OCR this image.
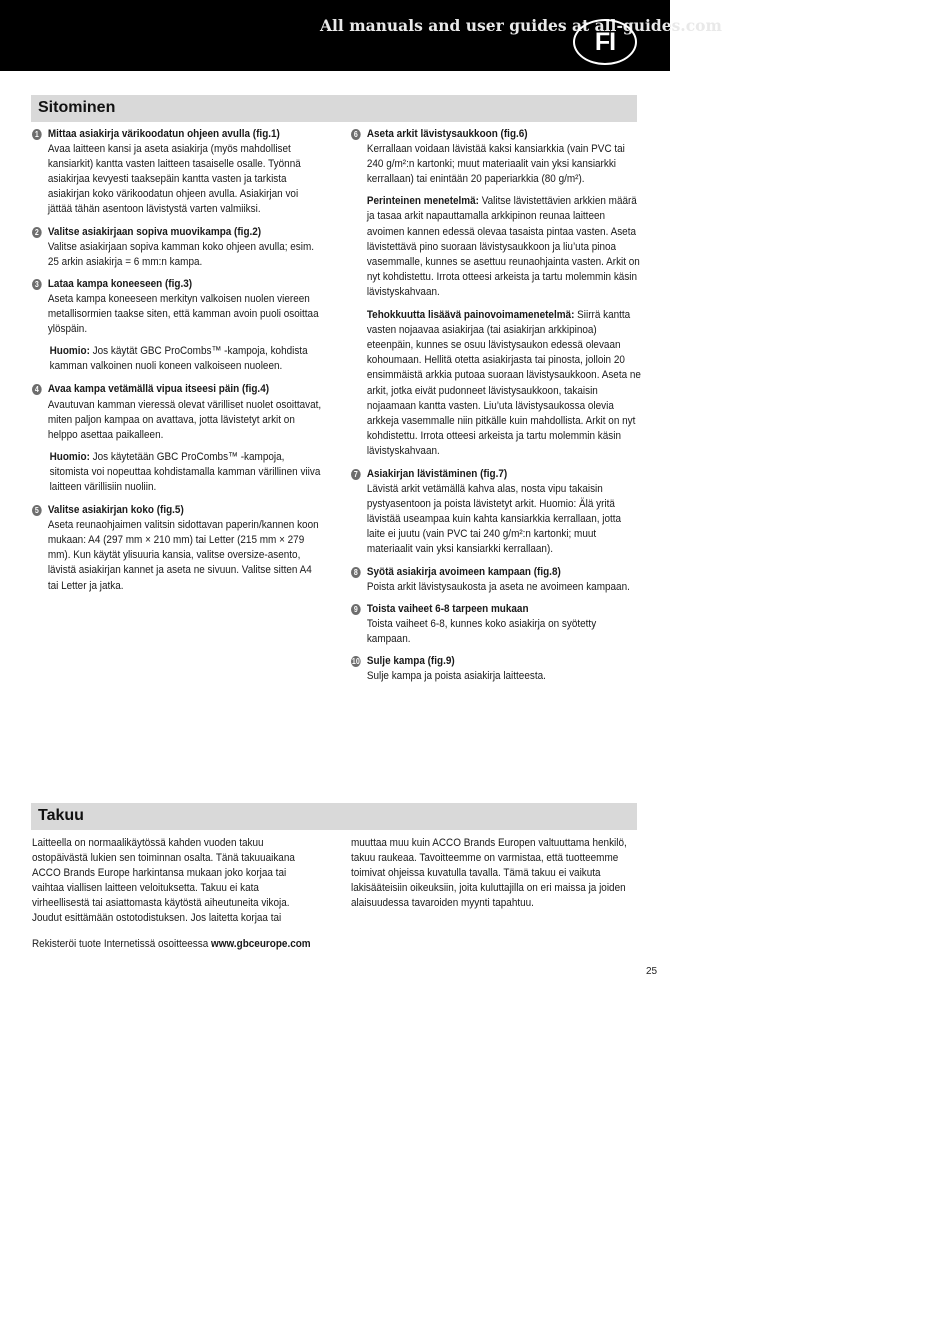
All manuals and user guides at all-guides.com
FI
Sitominen
1 Mittaa asiakirja värikoodatun ohjeen avulla (fig.1)
Avaa laitteen kansi ja aseta asiakirja (myös mahdolliset kansiarkit) kantta vasten laitteen tasaiselle osalle. Työnnä asiakirjaa kevyesti taaksepäin kantta vasten ja tarkista asiakirjan koko värikoodatun ohjeen avulla. Asiakirjan voi jättää tähän asentoon lävistystä varten valmiiksi.
2 Valitse asiakirjaan sopiva muovikampa (fig.2)
Valitse asiakirjaan sopiva kamman koko ohjeen avulla; esim. 25 arkin asiakirja = 6 mm:n kampa.
3 Lataa kampa koneeseen (fig.3)
Aseta kampa koneeseen merkityn valkoisen nuolen viereen metallisormien taakse siten, että kamman avoin puoli osoittaa ylöspäin.
Huomio: Jos käytät GBC ProCombs™ -kampoja, kohdista kamman valkoinen nuoli koneen valkoiseen nuoleen.
4 Avaa kampa vetämällä vipua itseesi päin (fig.4)
Avautuvan kamman vieressä olevat värilliset nuolet osoittavat, miten paljon kampaa on avattava, jotta lävistetyt arkit on helppo asettaa paikalleen.
Huomio: Jos käytetään GBC ProCombs™ -kampoja, sitomista voi nopeuttaa kohdistamalla kamman värillinen viiva laitteen värillisiin nuoliin.
5 Valitse asiakirjan koko (fig.5)
Aseta reunaohjaimen valitsin sidottavan paperin/kannen koon mukaan: A4 (297 mm × 210 mm) tai Letter (215 mm × 279 mm). Kun käytät ylisuuria kansia, valitse oversize-asento, lävistä asiakirjan kannet ja aseta ne sivuun. Valitse sitten A4 tai Letter ja jatka.
6 Aseta arkit lävistysaukkoon (fig.6)
Kerrallaan voidaan lävistää kaksi kansiarkkia (vain PVC tai 240 g/m²:n kartonki; muut materiaalit vain yksi kansiarkki kerrallaan) tai enintään 20 paperiarkkia (80 g/m²).
Perinteinen menetelmä: Valitse lävistettävien arkkien määrä ja tasaa arkit napauttamalla arkkipinon reunaa laitteen avoimen kannen edessä olevaa tasaista pintaa vasten. Aseta lävistettävä pino suoraan lävistysaukkoon ja liu’uta pinoa vasemmalle, kunnes se asettuu reunaohjainta vasten. Arkit on nyt kohdistettu. Irrota otteesi arkeista ja tartu molemmin käsin lävistyskahvaan.
Tehokkuutta lisäävä painovoimamenetelmä: Siirrä kantta vasten nojaavaa asiakirjaa (tai asiakirjan arkkipinoa) eteenpäin, kunnes se osuu lävistysaukon edessä olevaan kohoumaan. Hellitä otetta asiakirjasta tai pinosta, jolloin 20 ensimmäistä arkkia putoaa suoraan lävistysaukkoon. Aseta ne arkit, jotka eivät pudonneet lävistysaukkoon, takaisin nojaamaan kantta vasten. Liu’uta lävistysaukossa olevia arkkeja vasemmalle niin pitkälle kuin mahdollista. Arkit on nyt kohdistettu. Irrota otteesi arkeista ja tartu molemmin käsin lävistyskahvaan.
7 Asiakirjan lävistäminen (fig.7)
Lävistä arkit vetämällä kahva alas, nosta vipu takaisin pystyasentoon ja poista lävistetyt arkit. Huomio: Älä yritä lävistää useampaa kuin kahta kansiarkkia kerrallaan, jotta laite ei juutu (vain PVC tai 240 g/m²:n kartonki; muut materiaalit vain yksi kansiarkki kerrallaan).
8 Syötä asiakirja avoimeen kampaan (fig.8)
Poista arkit lävistysaukosta ja aseta ne avoimeen kampaan.
9 Toista vaiheet 6-8 tarpeen mukaan
Toista vaiheet 6-8, kunnes koko asiakirja on syötetty kampaan.
10 Sulje kampa (fig.9)
Sulje kampa ja poista asiakirja laitteesta.
Takuu
Laitteella on normaalikäytössä kahden vuoden takuu ostopäivästä lukien sen toiminnan osalta. Tänä takuuaikana ACCO Brands Europe harkintansa mukaan joko korjaa tai vaihtaa viallisen laitteen veloituksetta. Takuu ei kata virheellisestä tai asiattomasta käytöstä aiheutuneita vikoja. Joudut esittämään ostotodistuksen. Jos laitetta korjaa tai
muuttaa muu kuin ACCO Brands Europen valtuuttama henkilö, takuu raukeaa. Tavoitteemme on varmistaa, että tuotteemme toimivat ohjeissa kuvatulla tavalla. Tämä takuu ei vaikuta lakisääteisiin oikeuksiin, joita kuluttajilla on eri maissa ja joiden alaisuudessa tavaroiden myynti tapahtuu.
Rekisteröi tuote Internetissä osoitteessa www.gbceurope.com
25
